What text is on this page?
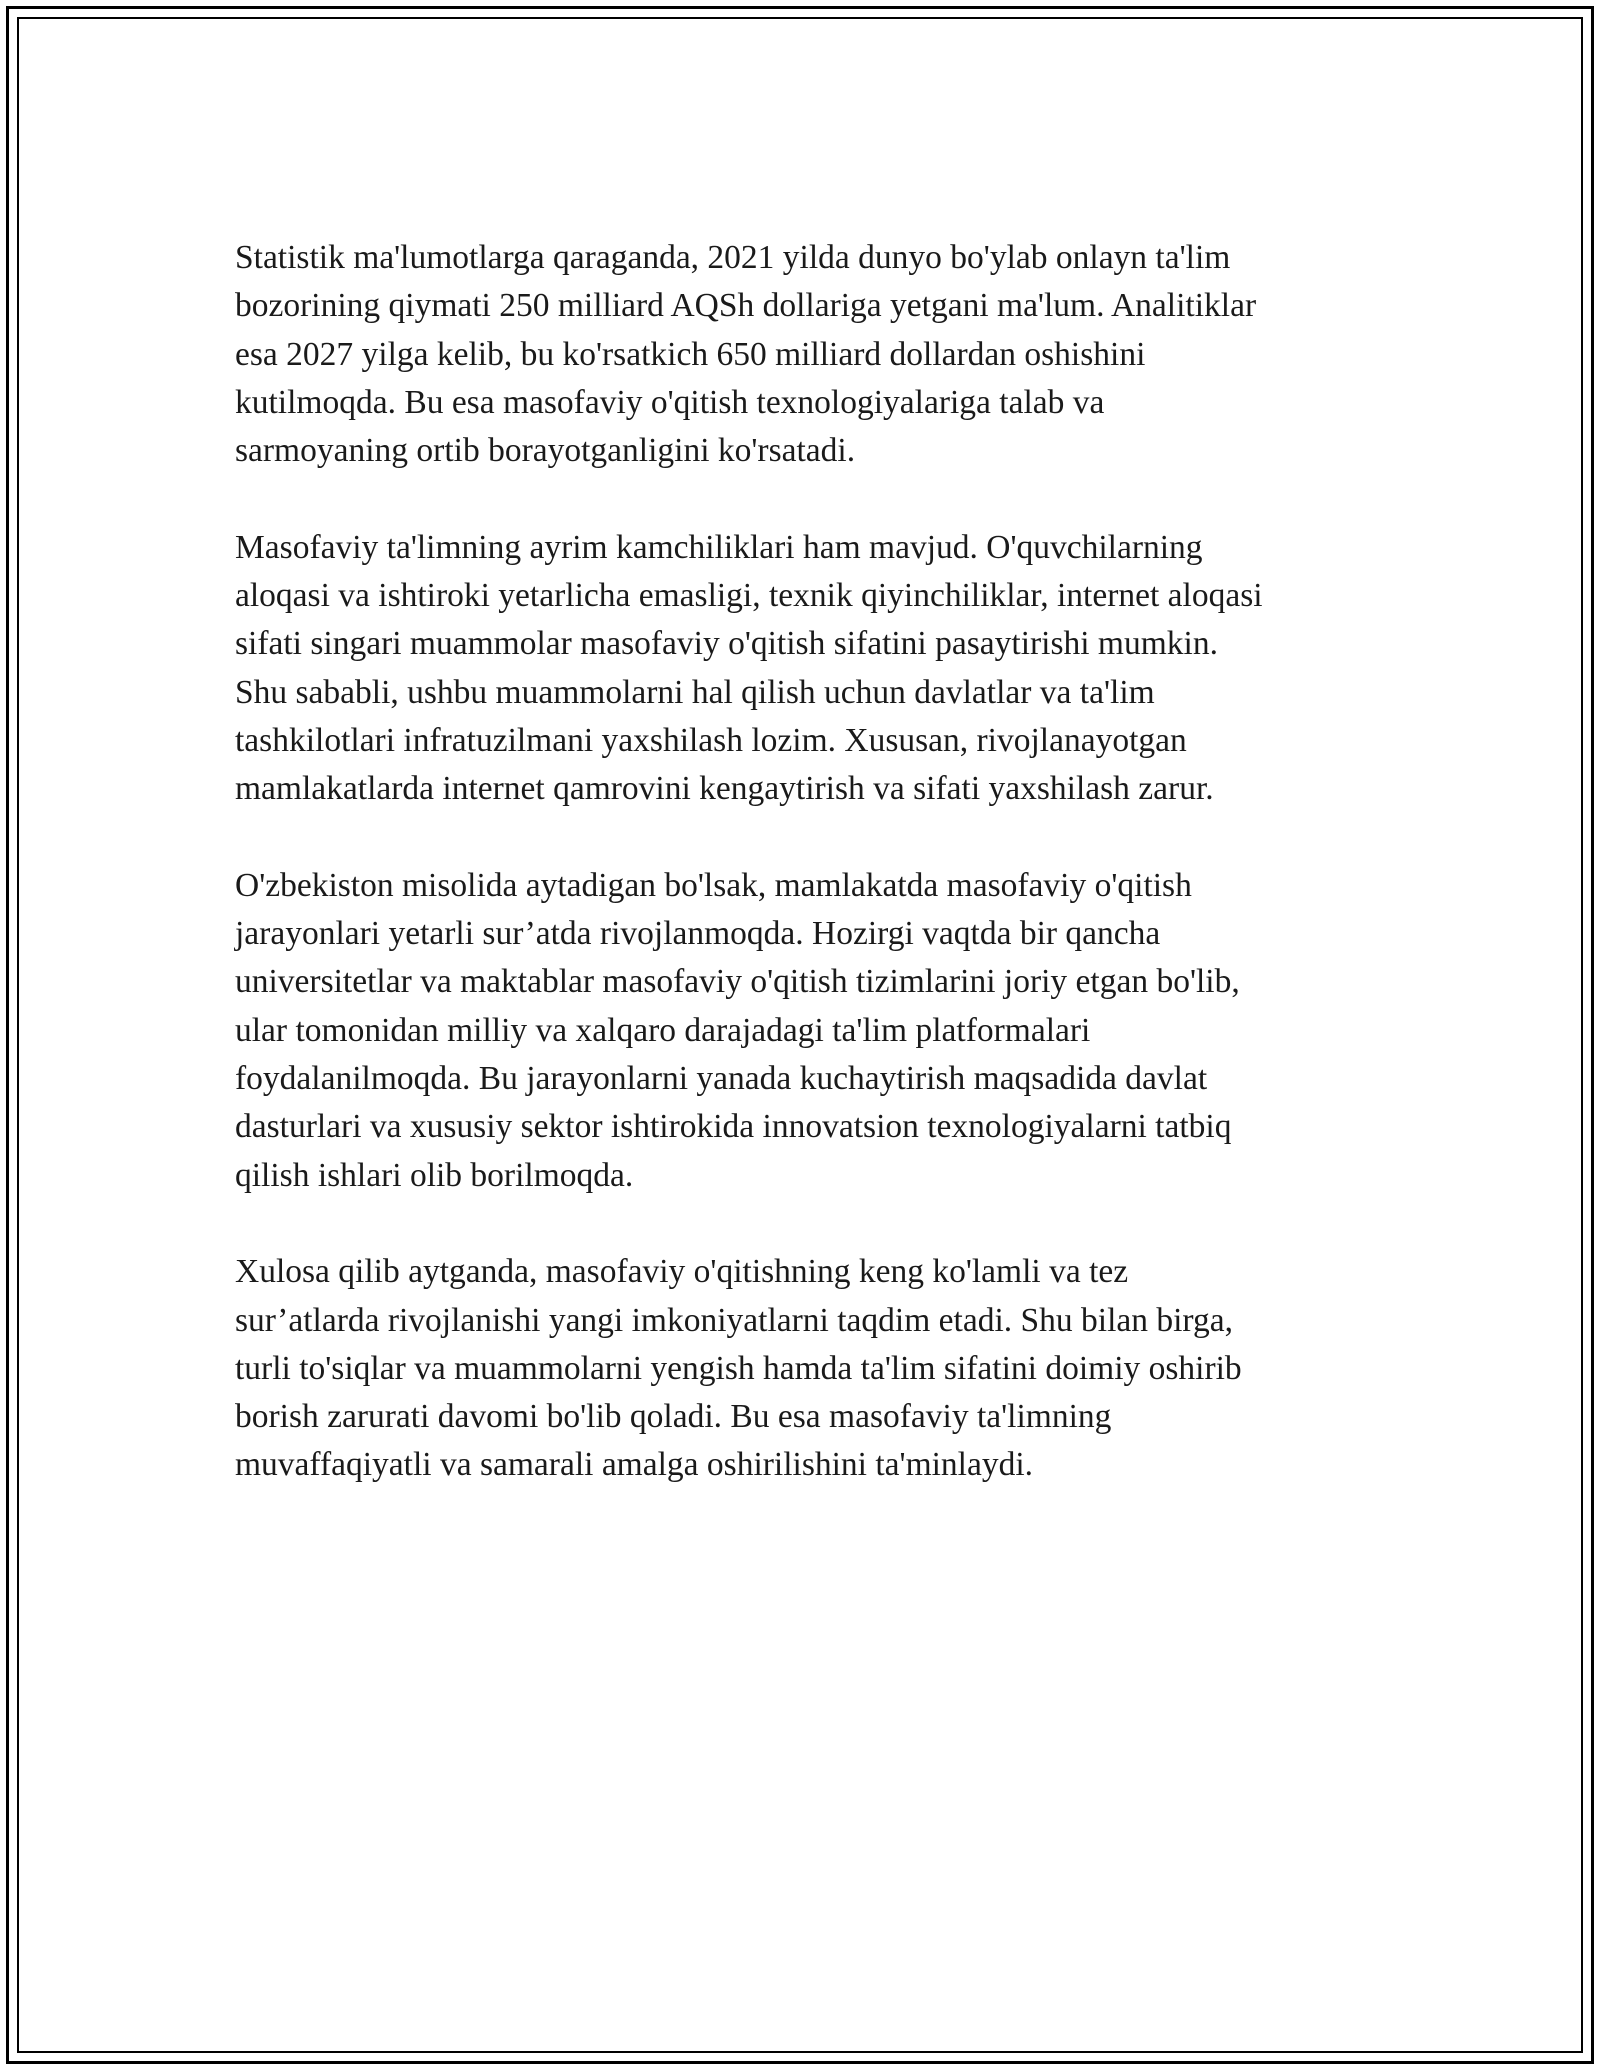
Statistik ma'lumotlarga qaraganda, 2021 yilda dunyo bo'ylab onlayn ta'lim
bozorining qiymati 250 milliard AQSh dollariga yetgani ma'lum. Analitiklar
esa 2027 yilga kelib, bu ko'rsatkich 650 milliard dollardan oshishini
kutilmoqda. Bu esa masofaviy o'qitish texnologiyalariga talab va
sarmoyaning ortib borayotganligini ko'rsatadi.

Masofaviy ta'limning ayrim kamchiliklari ham mavjud. O'quvchilarning
aloqasi va ishtiroki yetarlicha emasligi, texnik qiyinchiliklar, internet aloqasi
sifati singari muammolar masofaviy o'qitish sifatini pasaytirishi mumkin.
Shu sababli, ushbu muammolarni hal qilish uchun davlatlar va ta'lim
tashkilotlari infratuzilmani yaxshilash lozim. Xususan, rivojlanayotgan
mamlakatlarda internet qamrovini kengaytirish va sifati yaxshilash zarur.

O'zbekiston misolida aytadigan bo'lsak, mamlakatda masofaviy o'qitish
jarayonlari yetarli sur’atda rivojlanmoqda. Hozirgi vaqtda bir qancha
universitetlar va maktablar masofaviy o'qitish tizimlarini joriy etgan bo'lib,
ular tomonidan milliy va xalqaro darajadagi ta'lim platformalari
foydalanilmoqda. Bu jarayonlarni yanada kuchaytirish maqsadida davlat
dasturlari va xususiy sektor ishtirokida innovatsion texnologiyalarni tatbiq
qilish ishlari olib borilmoqda.

Xulosa qilib aytganda, masofaviy o'qitishning keng ko'lamli va tez
sur’atlarda rivojlanishi yangi imkoniyatlarni taqdim etadi. Shu bilan birga,
turli to'siqlar va muammolarni yengish hamda ta'lim sifatini doimiy oshirib
borish zarurati davomi bo'lib qoladi. Bu esa masofaviy ta'limning
muvaffaqiyatli va samarali amalga oshirilishini ta'minlaydi.
